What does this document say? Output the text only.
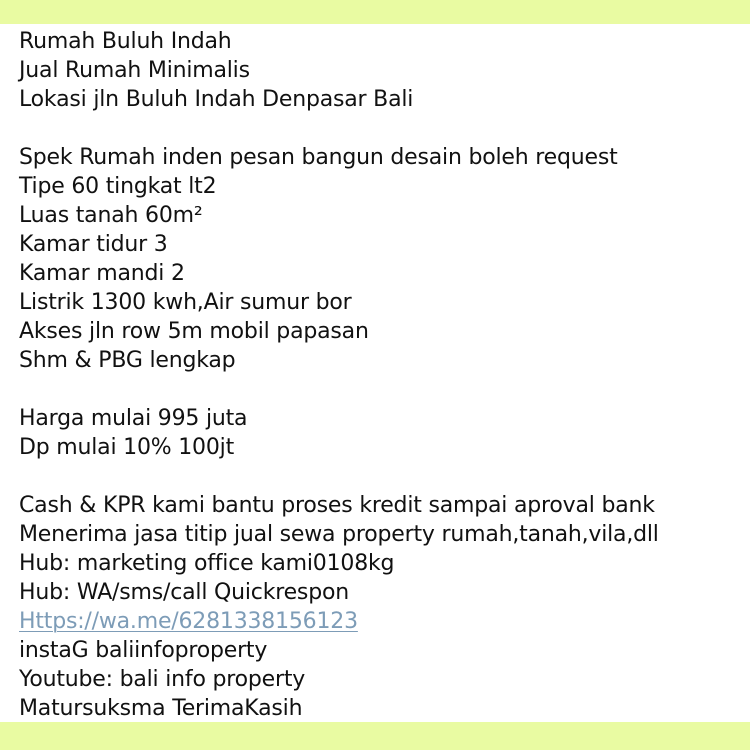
Rumah Buluh Indah
Jual Rumah Minimalis
Lokasi jln Buluh Indah Denpasar Bali
Spek Rumah inden pesan bangun desain boleh request
Tipe 60 tingkat lt2
Luas tanah 60m²
Kamar tidur 3
Kamar mandi 2
Listrik 1300 kwh,Air sumur bor
Akses jln row 5m mobil papasan
Shm & PBG lengkap
Harga mulai 995 juta
Dp mulai 10% 100jt
Cash & KPR kami bantu proses kredit sampai aproval bank
Menerima jasa titip jual sewa property rumah,tanah,vila,dll
Hub: marketing office kami0108kg
Hub: WA/sms/call Quickrespon
Https://wa.me/6281338156123
instaG baliinfoproperty
Youtube: bali info property
Matursuksma TerimaKasih
